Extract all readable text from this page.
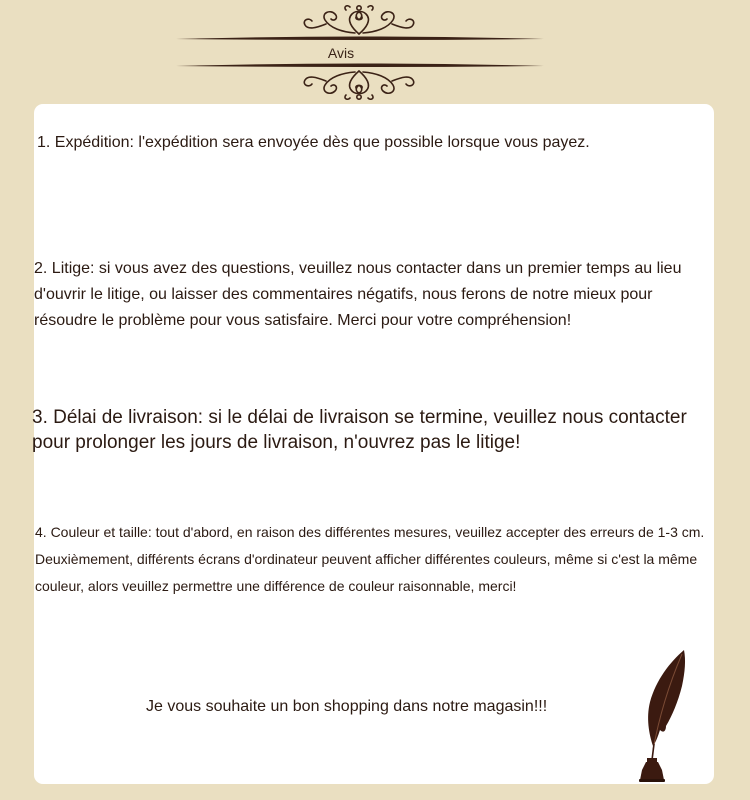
Avis

1. Expédition: l'expédition sera envoyée dès que possible lorsque vous payez.

2. Litige: si vous avez des questions, veuillez nous contacter dans un premier temps au lieu d'ouvrir le litige, ou laisser des commentaires négatifs, nous ferons de notre mieux pour résoudre le problème pour vous satisfaire. Merci pour votre compréhension!

3. Délai de livraison: si le délai de livraison se termine, veuillez nous contacter pour prolonger les jours de livraison, n'ouvrez pas le litige!

4. Couleur et taille: tout d'abord, en raison des différentes mesures, veuillez accepter des erreurs de 1-3 cm. Deuxièmement, différents écrans d'ordinateur peuvent afficher différentes couleurs, même si c'est la même couleur, alors veuillez permettre une différence de couleur raisonnable, merci!

Je vous souhaite un bon shopping dans notre magasin!!!
